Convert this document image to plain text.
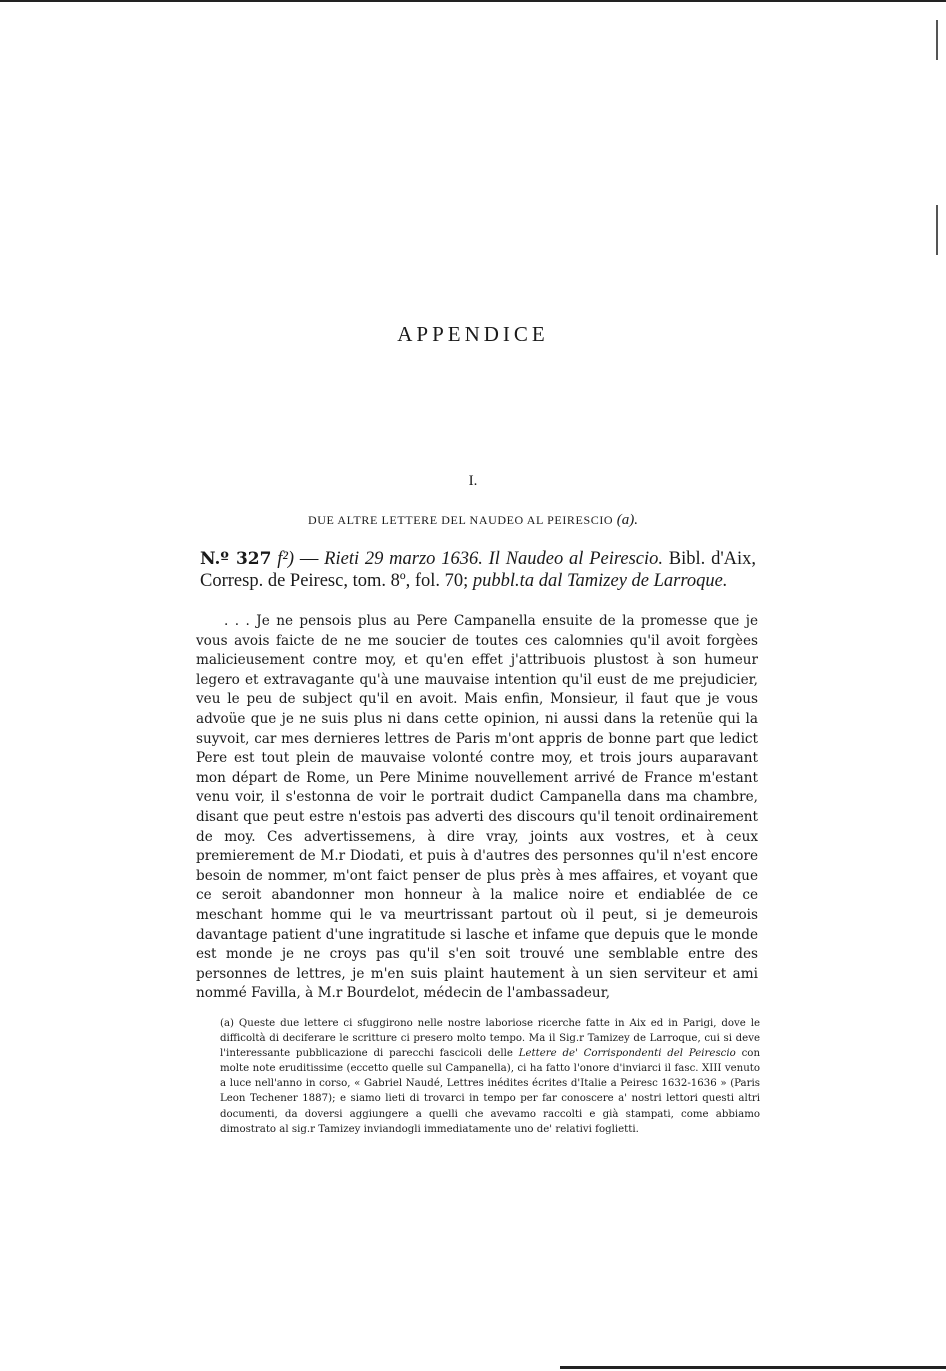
APPENDICE
I.
DUE ALTRE LETTERE DEL NAUDEO AL PEIRESCIO (a).
N.º 327 f²) — Rieti 29 marzo 1636. Il Naudeo al Peirescio. Bibl. d'Aix, Corresp. de Peiresc, tom. 8º, fol. 70; pubbl.ta dal Tamizey de Larroque.

. . . Je ne pensois plus au Pere Campanella ensuite de la promesse que je vous avois faicte de ne me soucier de toutes ces calomnies qu'il avoit forgèes malicieusement contre moy, et qu'en effet j'attribuois plustost à son humeur legero et extravagante qu'à une mauvaise intention qu'il eust de me prejudicier, veu le peu de subject qu'il en avoit. Mais enfin, Monsieur, il faut que je vous advoüe que je ne suis plus ni dans cette opinion, ni aussi dans la retenüe qui la suyvoit, car mes dernieres lettres de Paris m'ont appris de bonne part que ledict Pere est tout plein de mauvaise volonté contre moy, et trois jours auparavant mon départ de Rome, un Pere Minime nouvellement arrivé de France m'estant venu voir, il s'estonna de voir le portrait dudict Campanella dans ma chambre, disant que peut estre n'estois pas adverti des discours qu'il tenoit ordinairement de moy. Ces advertissemens, à dire vray, joints aux vostres, et à ceux premierement de M.r Diodati, et puis à d'autres des personnes qu'il n'est encore besoin de nommer, m'ont faict penser de plus près à mes affaires, et voyant que ce seroit abandonner mon honneur à la malice noire et endiablée de ce meschant homme qui le va meurtrissant partout où il peut, si je demeurois davantage patient d'une ingratitude si lasche et infame que depuis que le monde est monde je ne croys pas qu'il s'en soit trouvé une semblable entre des personnes de lettres, je m'en suis plaint hautement à un sien serviteur et ami nommé Favilla, à M.r Bourdelot, médecin de l'ambassadeur,

(a) Queste due lettere ci sfuggirono nelle nostre laboriose ricerche fatte in Aix ed in Parigi, dove le difficoltà di deciferare le scritture ci presero molto tempo. Ma il Sig.r Tamizey de Larroque, cui si deve l'interessante pubblicazione di parecchi fascicoli delle Lettere de' Corrispondenti del Peirescio con molte note eruditissime (eccetto quelle sul Campanella), ci ha fatto l'onore d'inviarci il fasc. XIII venuto a luce nell'anno in corso, « Gabriel Naudé, Lettres inédites écrites d'Italie a Peiresc 1632-1636 » (Paris Leon Techener 1887); e siamo lieti di trovarci in tempo per far conoscere a' nostri lettori questi altri documenti, da doversi aggiungere a quelli che avevamo raccolti e già stampati, come abbiamo dimostrato al sig.r Tamizey inviandogli immediatamente uno de' relativi foglietti.
